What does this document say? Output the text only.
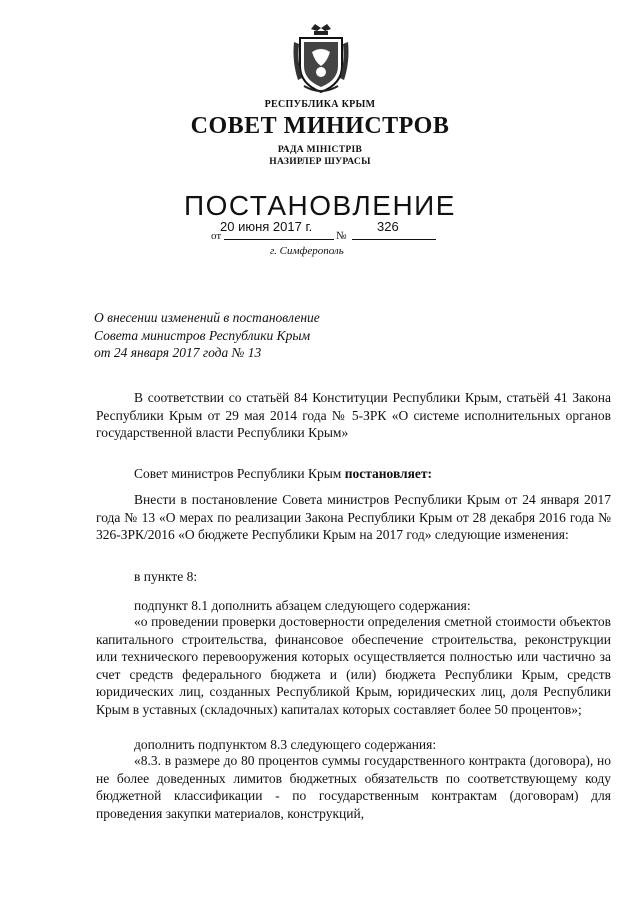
РЕСПУБЛИКА КРЫМ
СОВЕТ МИНИСТРОВ
РАДА МІНІСТРІВ
НАЗИРЛЕР ШУРАСЫ
ПОСТАНОВЛЕНИЕ
от
20 июня 2017 г.
№
326
г. Симферополь
О внесении изменений в постановление
Совета министров Республики Крым
от 24 января 2017 года № 13
В соответствии со статьёй 84 Конституции Республики Крым, статьёй 41 Закона Республики Крым от 29 мая 2014 года № 5-ЗРК «О системе исполнительных органов государственной власти Республики Крым»
Совет министров Республики Крым постановляет:
Внести в постановление Совета министров Республики Крым от 24 января 2017 года № 13 «О мерах по реализации Закона Республики Крым от 28 декабря 2016 года № 326-ЗРК/2016 «О бюджете Республики Крым на 2017 год» следующие изменения:
в пункте 8:
подпункт 8.1 дополнить абзацем следующего содержания:
«о проведении проверки достоверности определения сметной стоимости объектов капитального строительства, финансовое обеспечение строительства, реконструкции или технического перевооружения которых осуществляется полностью или частично за счет средств федерального бюджета и (или) бюджета Республики Крым, средств юридических лиц, созданных Республикой Крым, юридических лиц, доля Республики Крым в уставных (складочных) капиталах которых составляет более 50 процентов»;
дополнить подпунктом 8.3 следующего содержания:
«8.3. в размере до 80 процентов суммы государственного контракта (договора), но не более доведенных лимитов бюджетных обязательств по соответствующему коду бюджетной классификации - по государственным контрактам (договорам) для проведения закупки материалов, конструкций,
